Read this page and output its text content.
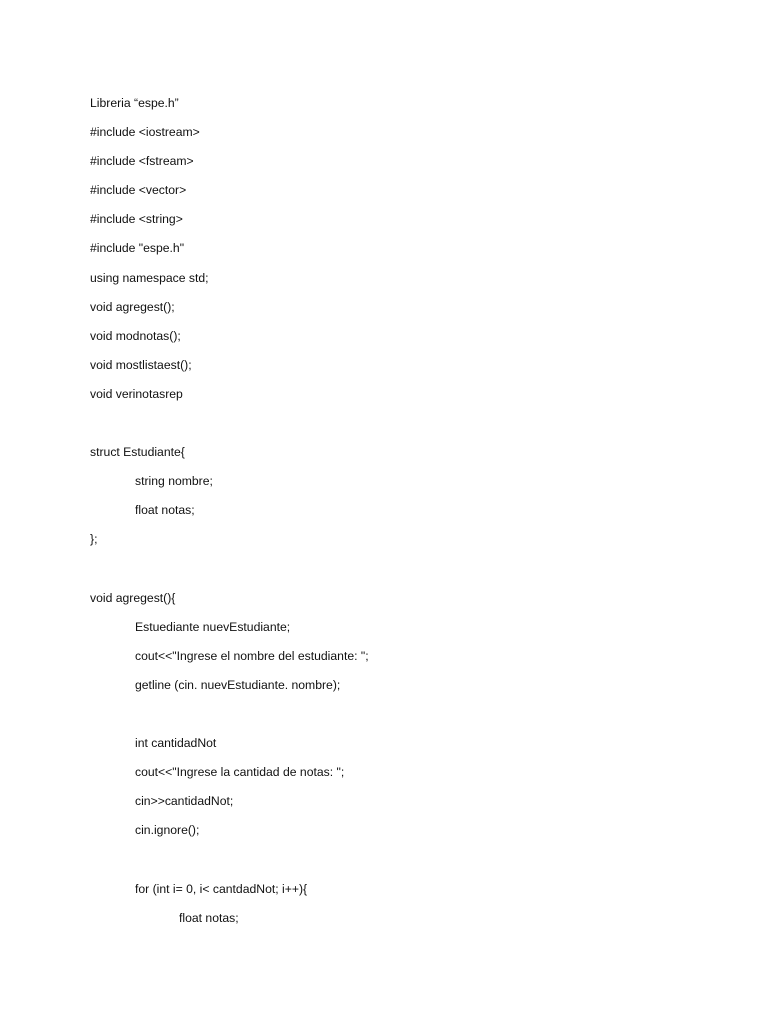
Libreria “espe.h”
#include <iostream>
#include <fstream>
#include <vector>
#include <string>
#include "espe.h"
using namespace std;
void agregest();
void modnotas();
void mostlistaest();
void verinotasrep
struct Estudiante{
string nombre;
float notas;
};
void agregest(){
Estuediante nuevEstudiante;
cout<<"Ingrese el nombre del estudiante: ";
getline (cin. nuevEstudiante. nombre);
int cantidadNot
cout<<"Ingrese la cantidad de notas: ";
cin>>cantidadNot;
cin.ignore();
for (int i= 0, i< cantdadNot; i++){
float notas;
